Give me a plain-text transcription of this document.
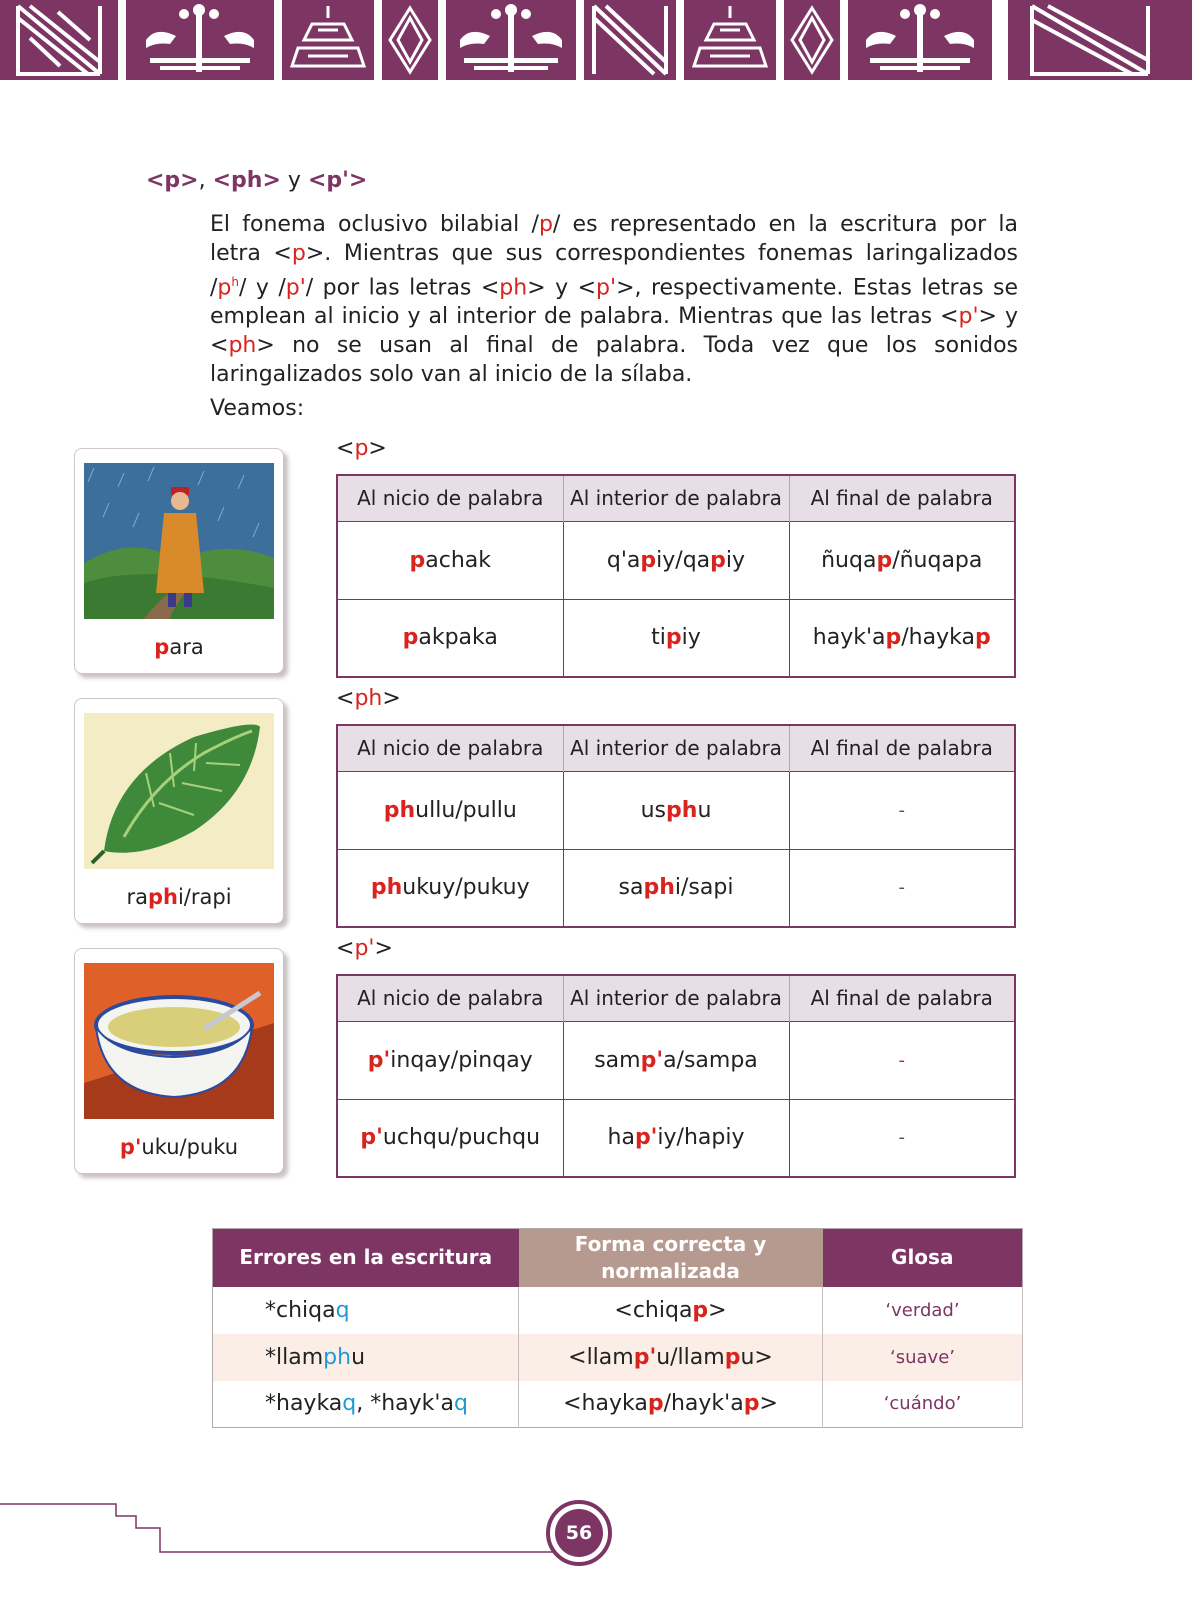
<p>, <ph> y <p'>

El fonema oclusivo bilabial /p/ es representado en la escritura por la letra <p>. Mientras que sus correspondientes fonemas laringalizados $/p^h/$ y /p'/ por las letras <ph> y <p'>, respectivamente. Estas letras se emplean al inicio y al interior de palabra. Mientras que las letras <p'> y <ph> no se usan al final de palabra. Toda vez que los sonidos laringalizados solo van al inicio de la sílaba.

Veamos:
para
<p>
Al nicio de palabra	Al interior de palabra	Al final de palabra
pachak	q'apiy/qapiy	ñuqap/ñuqapa
pakpaka	tipiy	hayk'ap/haykap
raphi/rapi
<ph>
Al nicio de palabra	Al interior de palabra	Al final de palabra
phullu/pullu	usphu	-
phukuy/pukuy	saphi/sapi	-
p'uku/puku
<p'>
Al nicio de palabra	Al interior de palabra	Al final de palabra
p'inqay/pinqay	samp'a/sampa	-
p'uchqu/puchqu	hap'iy/hapiy	-
Errores en la escritura	Forma correcta y normalizada	Glosa
*chiqaq	<chiqap>	‘verdad’
*llamphu	<llamp'u/llampu>	‘suave’
*haykaq, *hayk'aq	<haykap/hayk'ap>	‘cuándo’
56
